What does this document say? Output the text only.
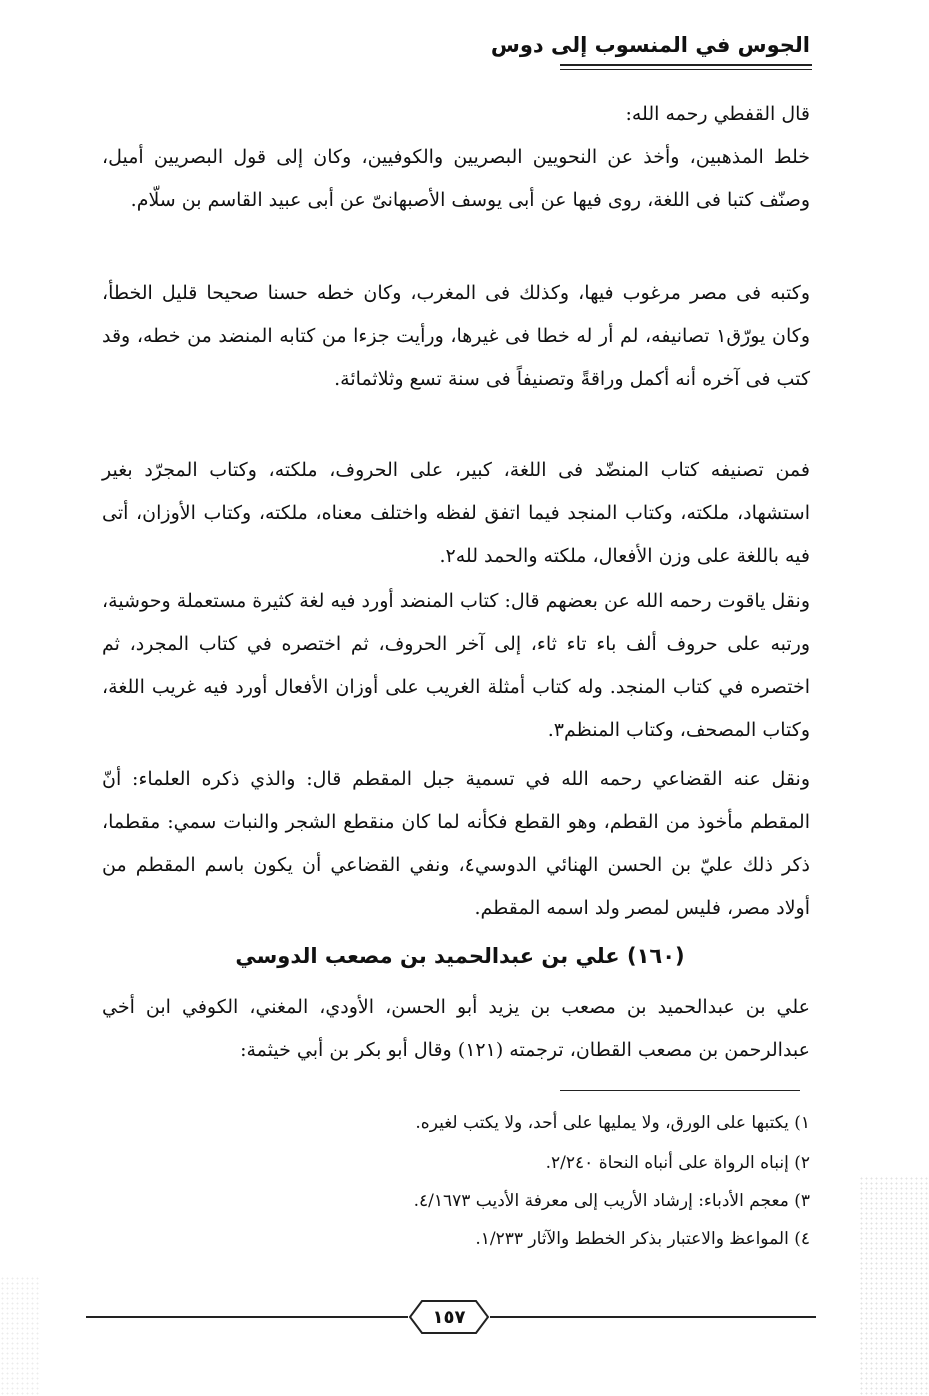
الجوس في المنسوب إلى دوس
قال القفطي رحمه الله:
خلط المذهبين، وأخذ عن النحويين البصريين والكوفيين، وكان إلى قول البصريين أميل، وصنّف كتبا فى اللغة، روى فيها عن أبى يوسف الأصبهانىّ عن أبى عبيد القاسم بن سلّام.
وكتبه فى مصر مرغوب فيها، وكذلك فى المغرب، وكان خطه حسنا صحيحا قليل الخطأ، وكان يورّق١ تصانيفه، لم أر له خطا فى غيرها، ورأيت جزءا من كتابه المنضد من خطه، وقد كتب فى آخره أنه أكمل وراقةً وتصنيفاً فى سنة تسع وثلاثمائة.
فمن تصنيفه كتاب المنضّد فى اللغة، كبير، على الحروف، ملكته، وكتاب المجرّد بغير استشهاد، ملكته، وكتاب المنجد فيما اتفق لفظه واختلف معناه، ملكته، وكتاب الأوزان، أتى فيه باللغة على وزن الأفعال، ملكته والحمد لله٢.
ونقل ياقوت رحمه الله عن بعضهم قال: كتاب المنضد أورد فيه لغة كثيرة مستعملة وحوشية، ورتبه على حروف ألف باء تاء ثاء، إلى آخر الحروف، ثم اختصره في كتاب المجرد، ثم اختصره في كتاب المنجد. وله كتاب أمثلة الغريب على أوزان الأفعال أورد فيه غريب اللغة، وكتاب المصحف، وكتاب المنظم٣.
ونقل عنه القضاعي رحمه الله في تسمية جبل المقطم قال: والذي ذكره العلماء: أنّ المقطم مأخوذ من القطم، وهو القطع فكأنه لما كان منقطع الشجر والنبات سمي: مقطما، ذكر ذلك عليّ بن الحسن الهنائي الدوسي٤، ونفي القضاعي أن يكون باسم المقطم من أولاد مصر، فليس لمصر ولد اسمه المقطم.
(١٦٠) علي بن عبدالحميد بن مصعب الدوسي
علي بن عبدالحميد بن مصعب بن يزيد أبو الحسن، الأودي، المغني، الكوفي ابن أخي عبدالرحمن بن مصعب القطان، ترجمته (١٢١) وقال أبو بكر بن أبي خيثمة:
١) يكتبها على الورق، ولا يمليها على أحد، ولا يكتب لغيره.
٢) إنباه الرواة على أنباه النحاة ٢/٢٤٠.
٣) معجم الأدباء: إرشاد الأريب إلى معرفة الأديب ٤/١٦٧٣.
٤) المواعظ والاعتبار بذكر الخطط والآثار ١/٢٣٣.
١٥٧
